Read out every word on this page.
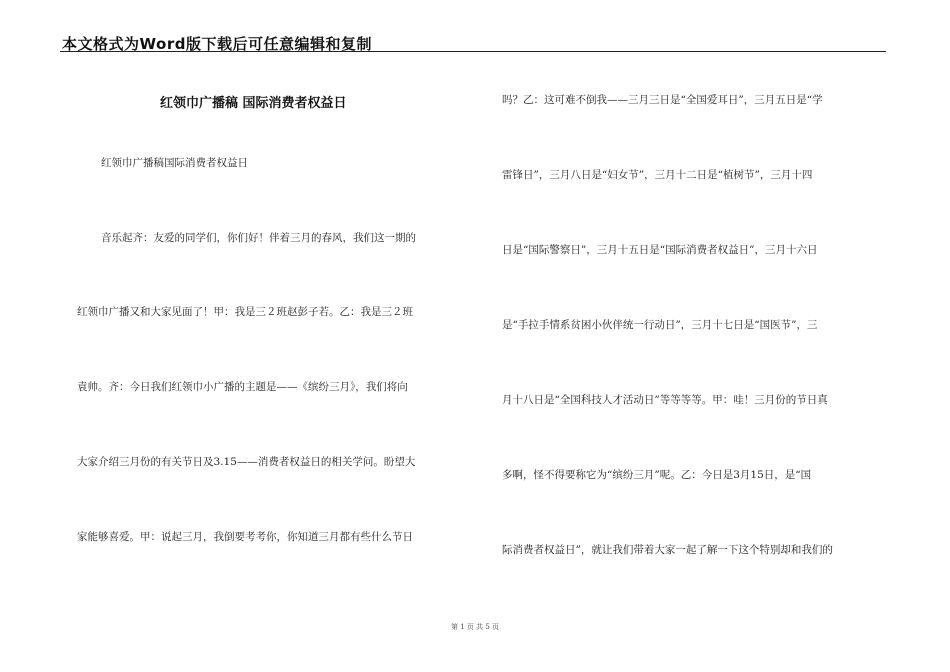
本文格式为Word版下载后可任意编辑和复制
红领巾广播稿 国际消费者权益日
红领巾广播稿国际消费者权益日
音乐起齐：友爱的同学们，你们好！伴着三月的春风，我们这一期的
红领巾广播又和大家见面了！甲：我是三２班赵彭子若。乙：我是三２班
袁帅。齐：今日我们红领巾小广播的主题是——《缤纷三月》，我们将向
大家介绍三月份的有关节日及3.15——消费者权益日的相关学问。盼望大
家能够喜爱。甲：说起三月，我倒要考考你，你知道三月都有些什么节日
吗？乙：这可难不倒我——三月三日是“全国爱耳日”，三月五日是“学
雷锋日”，三月八日是“妇女节”，三月十二日是“植树节”，三月十四
日是“国际警察日”，三月十五日是“国际消费者权益日”，三月十六日
是“手拉手情系贫困小伙伴统一行动日”，三月十七日是“国医节”，三
月十八日是“全国科技人才活动日”等等等等。甲：哇！三月份的节日真
多啊，怪不得要称它为“缤纷三月”呢。乙：今日是3月15日，是“国
际消费者权益日”，就让我们带着大家一起了解一下这个特别却和我们的
第 1 页 共 5 页
